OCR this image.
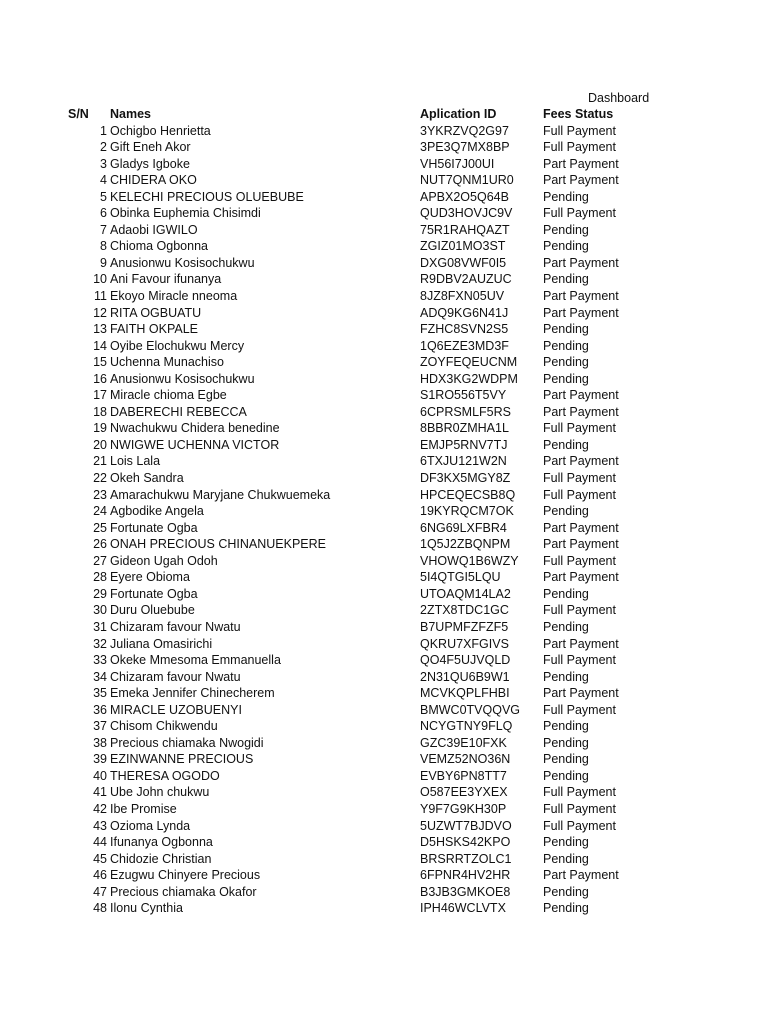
Dashboard
S/N	Names	Aplication ID	Fees Status
1 Ochigbo Henrietta	3YKRZVQ2G97	Full Payment
2 Gift Eneh Akor	3PE3Q7MX8BP	Full Payment
3 Gladys Igboke	VH56I7J00UI	Part Payment
4 CHIDERA OKO	NUT7QNM1UR0	Part Payment
5 KELECHI PRECIOUS OLUEBUBE	APBX2O5Q64B	Pending
6 Obinka Euphemia Chisimdi	QUD3HOVJC9V	Full Payment
7 Adaobi IGWILO	75R1RAHQAZT	Pending
8 Chioma Ogbonna	ZGIZ01MO3ST	Pending
9 Anusionwu Kosisochukwu	DXG08VWF0I5	Part Payment
10 Ani Favour ifunanya	R9DBV2AUZUC	Pending
11 Ekoyo Miracle nneoma	8JZ8FXN05UV	Part Payment
12 RITA OGBUATU	ADQ9KG6N41J	Part Payment
13 FAITH OKPALE	FZHC8SVN2S5	Pending
14 Oyibe Elochukwu Mercy	1Q6EZE3MD3F	Pending
15 Uchenna Munachiso	ZOYFEQEUCNM	Pending
16 Anusionwu Kosisochukwu	HDX3KG2WDPM	Pending
17 Miracle chioma Egbe	S1RO556T5VY	Part Payment
18 DABERECHI REBECCA	6CPRSMLF5RS	Part Payment
19 Nwachukwu Chidera benedine	8BBR0ZMHA1L	Full Payment
20 NWIGWE UCHENNA VICTOR	EMJP5RNV7TJ	Pending
21 Lois Lala	6TXJU121W2N	Part Payment
22 Okeh Sandra	DF3KX5MGY8Z	Full Payment
23 Amarachukwu Maryjane Chukwuemeka	HPCEQECSB8Q	Full Payment
24 Agbodike Angela	19KYRQCM7OK	Pending
25 Fortunate Ogba	6NG69LXFBR4	Part Payment
26 ONAH PRECIOUS CHINANUEKPERE	1Q5J2ZBQNPM	Part Payment
27 Gideon Ugah Odoh	VHOWQ1B6WZY	Full Payment
28 Eyere Obioma	5I4QTGI5LQU	Part Payment
29 Fortunate Ogba	UTOAQM14LA2	Pending
30 Duru Oluebube	2ZTX8TDC1GC	Full Payment
31 Chizaram favour Nwatu	B7UPMFZFZF5	Pending
32 Juliana Omasirichi	QKRU7XFGIVS	Part Payment
33 Okeke Mmesoma Emmanuella	QO4F5UJVQLD	Full Payment
34 Chizaram favour Nwatu	2N31QU6B9W1	Pending
35 Emeka Jennifer Chinecherem	MCVKQPLFHBI	Part Payment
36 MIRACLE UZOBUENYI	BMWC0TVQQVG	Full Payment
37 Chisom Chikwendu	NCYGTNY9FLQ	Pending
38 Precious chiamaka Nwogidi	GZC39E10FXK	Pending
39 EZINWANNE PRECIOUS	VEMZ52NO36N	Pending
40 THERESA OGODO	EVBY6PN8TT7	Pending
41 Ube John chukwu	O587EE3YXEX	Full Payment
42 Ibe Promise	Y9F7G9KH30P	Full Payment
43 Ozioma Lynda	5UZWT7BJDVO	Full Payment
44 Ifunanya Ogbonna	D5HSKS42KPO	Pending
45 Chidozie Christian	BRSRRTZOLC1	Pending
46 Ezugwu Chinyere Precious	6FPNR4HV2HR	Part Payment
47 Precious chiamaka Okafor	B3JB3GMKOE8	Pending
48 Ilonu Cynthia	IPH46WCLVTX	Pending
